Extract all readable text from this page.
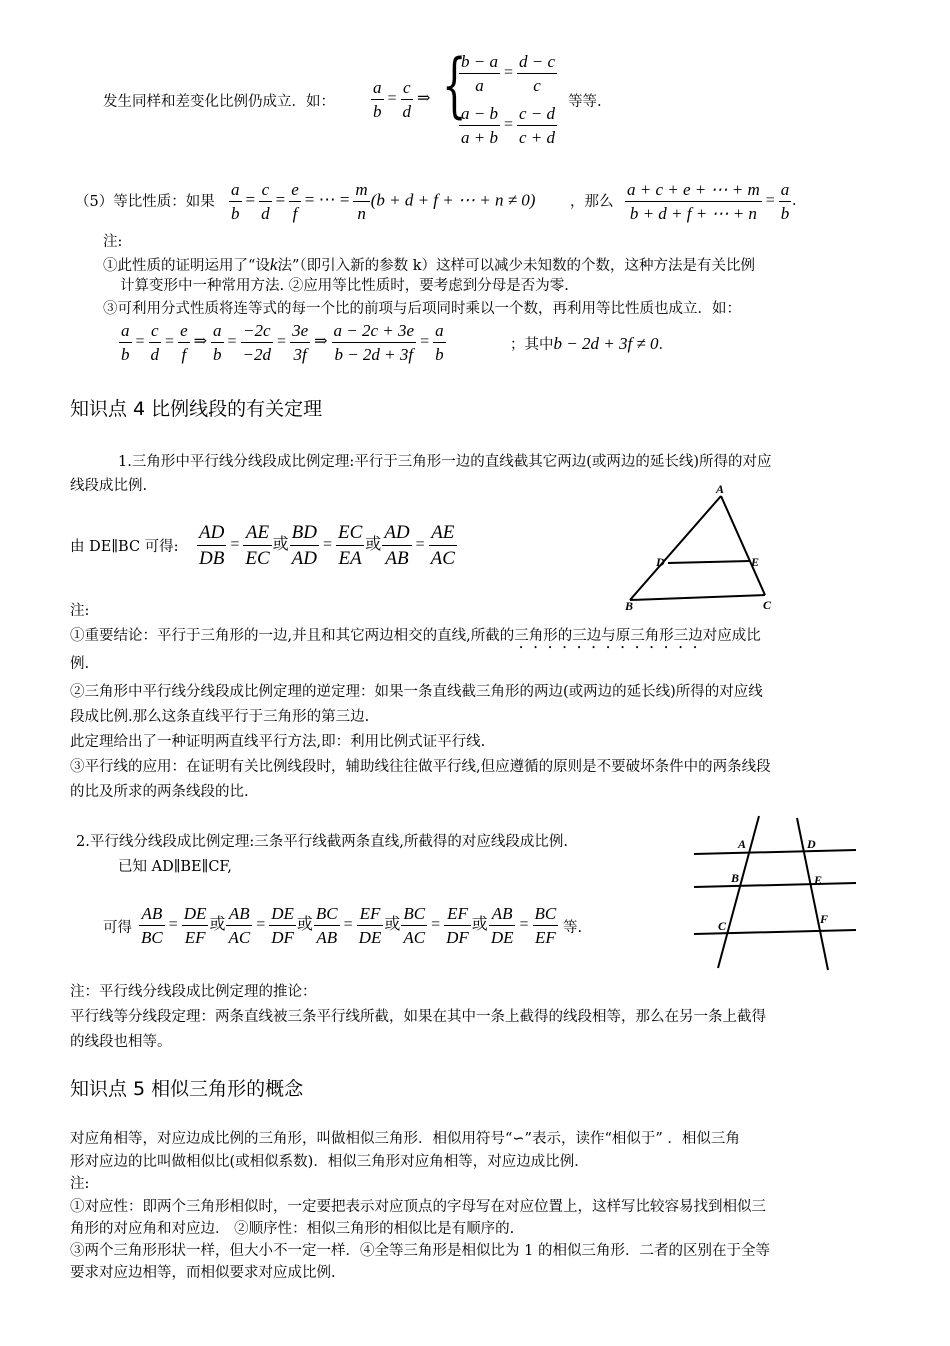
发生同样和差变化比例仍成立．如： $\frac{a}{b} = \frac{c}{d}$ ⇒ {
$\frac{b - a}{a} = \frac{d - c}{c}$
$\frac{a - b}{a + b} = \frac{c - d}{c + d}$ 等等.
（5）等比性质：如果 $\frac{a}{b} = \frac{c}{d} = \frac{e}{f}$ = ⋯ = $\frac{m}{n} (b + d + f$ + ⋯ + n ≠ 0) ，那么 $\frac{a + c + e + \cdots + m}{b + d + f + \cdots + n} = \frac{a}{b}$ .
注:
①此性质的证明运用了“设k法”（即引入新的参数 k）这样可以减少未知数的个数，这种方法是有关比例
计算变形中一种常用方法. ②应用等比性质时，要考虑到分母是否为零.
③可利用分式性质将连等式的每一个比的前项与后项同时乘以一个数，再利用等比性质也成立．如：
$\frac{a}{b} = \frac{c}{d} = \frac{e}{f}$ ⇒ $\frac{a}{b} = \frac{-2c}{-2d} = \frac{3e}{3f}$ ⇒ $\frac{a - 2c + 3e}{b - 2d + 3f} = \frac{a}{b}$	；其中b − 2d + 3f ≠ 0．
知识点 4 比例线段的有关定理
1.三角形中平行线分线段成比例定理:平行于三角形一边的直线截其它两边(或两边的延长线)所得的对应
线段成比例.
由 DE∥BC 可得: $\frac{AD}{DB} = \frac{AE}{EC}$ 或 $\frac{BD}{AD} = \frac{EC}{EA}$ 或 $\frac{AD}{AB} = \frac{AE}{AC}$
A
D	E
B	C
注:
①重要结论：平行于三角形的一边,并且和其它两边相交的直线,所截的三角形的三边与原三角形三边对应成比
例.
②三角形中平行线分线段成比例定理的逆定理：如果一条直线截三角形的两边(或两边的延长线)所得的对应线
段成比例.那么这条直线平行于三角形的第三边.
此定理给出了一种证明两直线平行方法,即：利用比例式证平行线.
③平行线的应用：在证明有关比例线段时，辅助线往往做平行线,但应遵循的原则是不要破坏条件中的两条线段
的比及所求的两条线段的比.
2.平行线分线段成比例定理:三条平行线截两条直线,所截得的对应线段成比例.
已知 AD∥BE∥CF,
可得 $\frac{AB}{BC} = \frac{DE}{EF}$ 或 $\frac{AB}{AC} = \frac{DE}{DF}$ 或 $\frac{BC}{AB} = \frac{EF}{DE}$ 或 $\frac{BC}{AC} = \frac{EF}{DF}$ 或 $\frac{AB}{DE} = \frac{BC}{EF}$ 等.
A	D
B	E
C	F
注：平行线分线段成比例定理的推论：
平行线等分线段定理：两条直线被三条平行线所截，如果在其中一条上截得的线段相等，那么在另一条上截得
的线段也相等。
知识点 5 相似三角形的概念
对应角相等，对应边成比例的三角形，叫做相似三角形．相似用符号“∽”表示，读作“相似于” ．相似三角
形对应边的比叫做相似比(或相似系数)．相似三角形对应角相等，对应边成比例．
注:
①对应性：即两个三角形相似时，一定要把表示对应顶点的字母写在对应位置上，这样写比较容易找到相似三
角形的对应角和对应边． ②顺序性：相似三角形的相似比是有顺序的.
③两个三角形形状一样，但大小不一定一样．④全等三角形是相似比为 1 的相似三角形．二者的区别在于全等
要求对应边相等，而相似要求对应成比例.
